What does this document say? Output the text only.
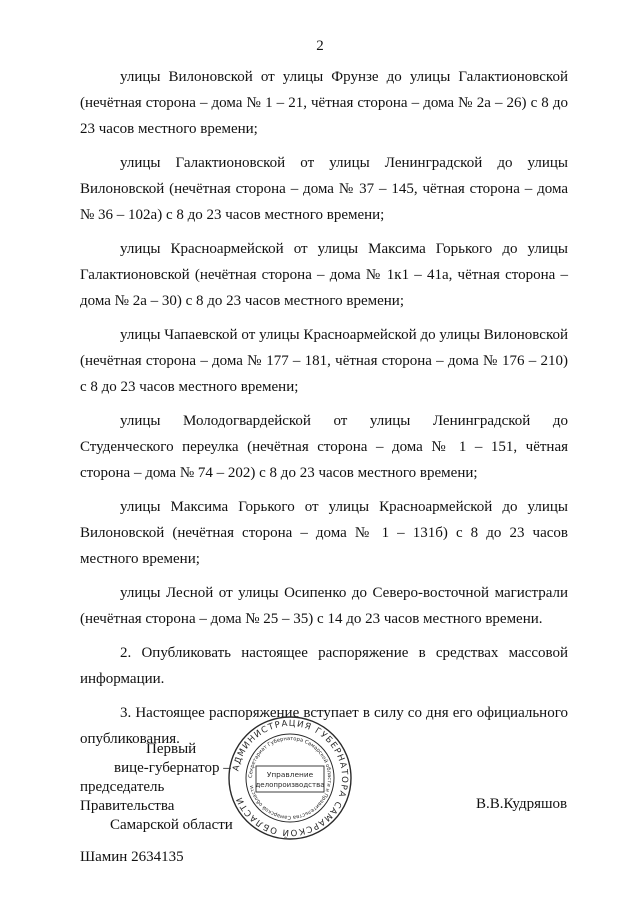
2

улицы Вилоновской от улицы Фрунзе до улицы Галактионовской (нечётная сторона – дома № 1 – 21, чётная сторона – дома № 2а – 26) с 8 до 23 часов местного времени;

улицы Галактионовской от улицы Ленинградской до улицы Вилоновской (нечётная сторона – дома № 37 – 145, чётная сторона – дома № 36 – 102а) с 8 до 23 часов местного времени;

улицы Красноармейской от улицы Максима Горького до улицы Галактионовской (нечётная сторона – дома № 1к1 – 41а, чётная сторона – дома № 2а – 30) с 8 до 23 часов местного времени;

улицы Чапаевской от улицы Красноармейской до улицы Вилоновской (нечётная сторона – дома № 177 – 181, чётная сторона – дома № 176 – 210) с 8 до 23 часов местного времени;

улицы Молодогвардейской от улицы Ленинградской до Студенческого переулка (нечётная сторона – дома № 1 – 151, чётная сторона – дома № 74 – 202) с 8 до 23 часов местного времени;

улицы Максима Горького от улицы Красноармейской до улицы Вилоновской (нечётная сторона – дома № 1 – 131б) с 8 до 23 часов местного времени;

улицы Лесной от улицы Осипенко до Северо-восточной магистрали (нечётная сторона – дома № 25 – 35) с 14 до 23 часов местного времени.

2. Опубликовать настоящее распоряжение в средствах массовой информации.

3. Настоящее распоряжение вступает в силу со дня его официального опубликования.

Первый
вице-губернатор –
председатель Правительства
Самарской области
АДМИНИСТРАЦИЯ ГУБЕРНАТОРА САМАРСКОЙ ОБЛАСТИ
Секретариат Губернатора Самарской области и Правительства Самарской области
Управление
делопроизводства
В.В.Кудряшов
Шамин 2634135
